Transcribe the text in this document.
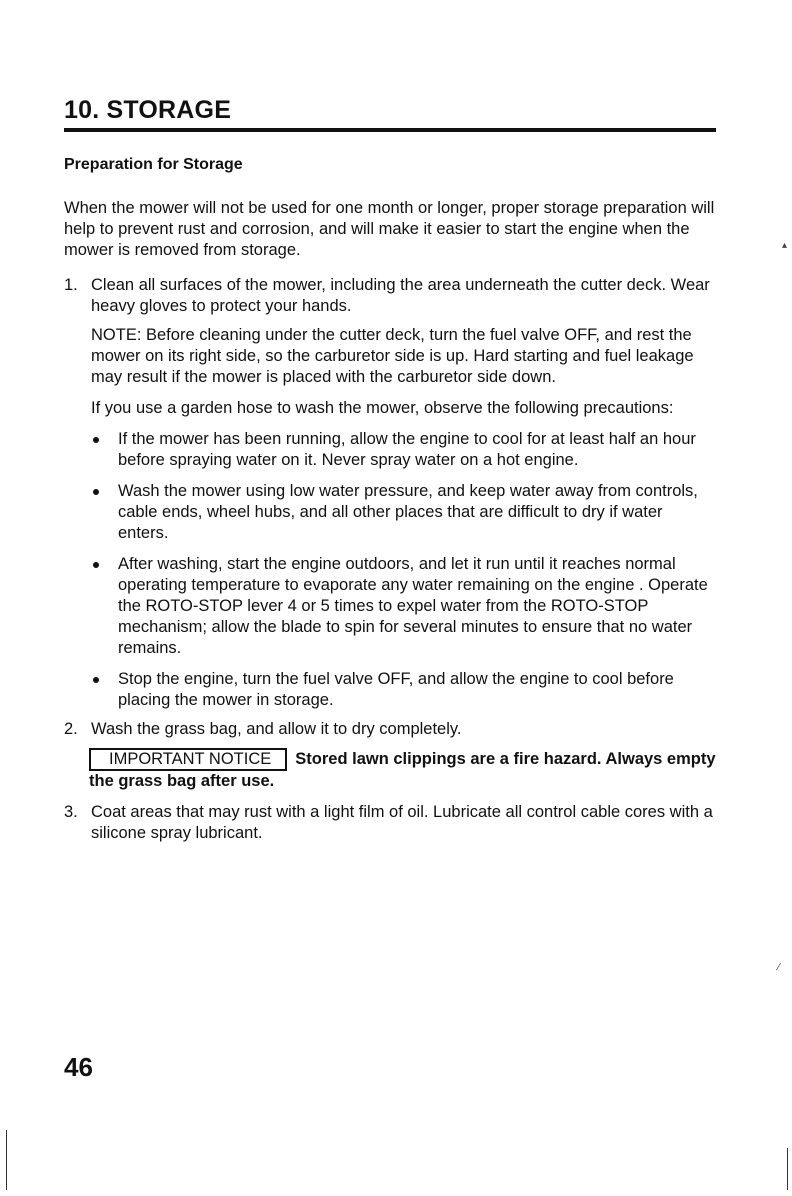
10. STORAGE
Preparation for Storage

When the mower will not be used for one month or longer, proper storage preparation will help to prevent rust and corrosion, and will make it easier to start the engine when the mower is removed from storage.

1. Clean all surfaces of the mower, including the area underneath the cutter deck. Wear heavy gloves to protect your hands.

NOTE: Before cleaning under the cutter deck, turn the fuel valve OFF, and rest the mower on its right side, so the carburetor side is up. Hard starting and fuel leakage may result if the mower is placed with the carburetor side down.

If you use a garden hose to wash the mower, observe the following precautions:

If the mower has been running, allow the engine to cool for at least half an hour before spraying water on it. Never spray water on a hot engine.
Wash the mower using low water pressure, and keep water away from controls, cable ends, wheel hubs, and all other places that are difficult to dry if water enters.
After washing, start the engine outdoors, and let it run until it reaches normal operating temperature to evaporate any water remaining on the engine . Operate the ROTO-STOP lever 4 or 5 times to expel water from the ROTO-STOP mechanism; allow the blade to spin for several minutes to ensure that no water remains.
Stop the engine, turn the fuel valve OFF, and allow the engine to cool before placing the mower in storage.
2. Wash the grass bag, and allow it to dry completely.

IMPORTANT NOTICE Stored lawn clippings are a fire hazard. Always empty the grass bag after use.

3. Coat areas that may rust with a light film of oil. Lubricate all control cable cores with a silicone spray lubricant.

46
▴
⁄
